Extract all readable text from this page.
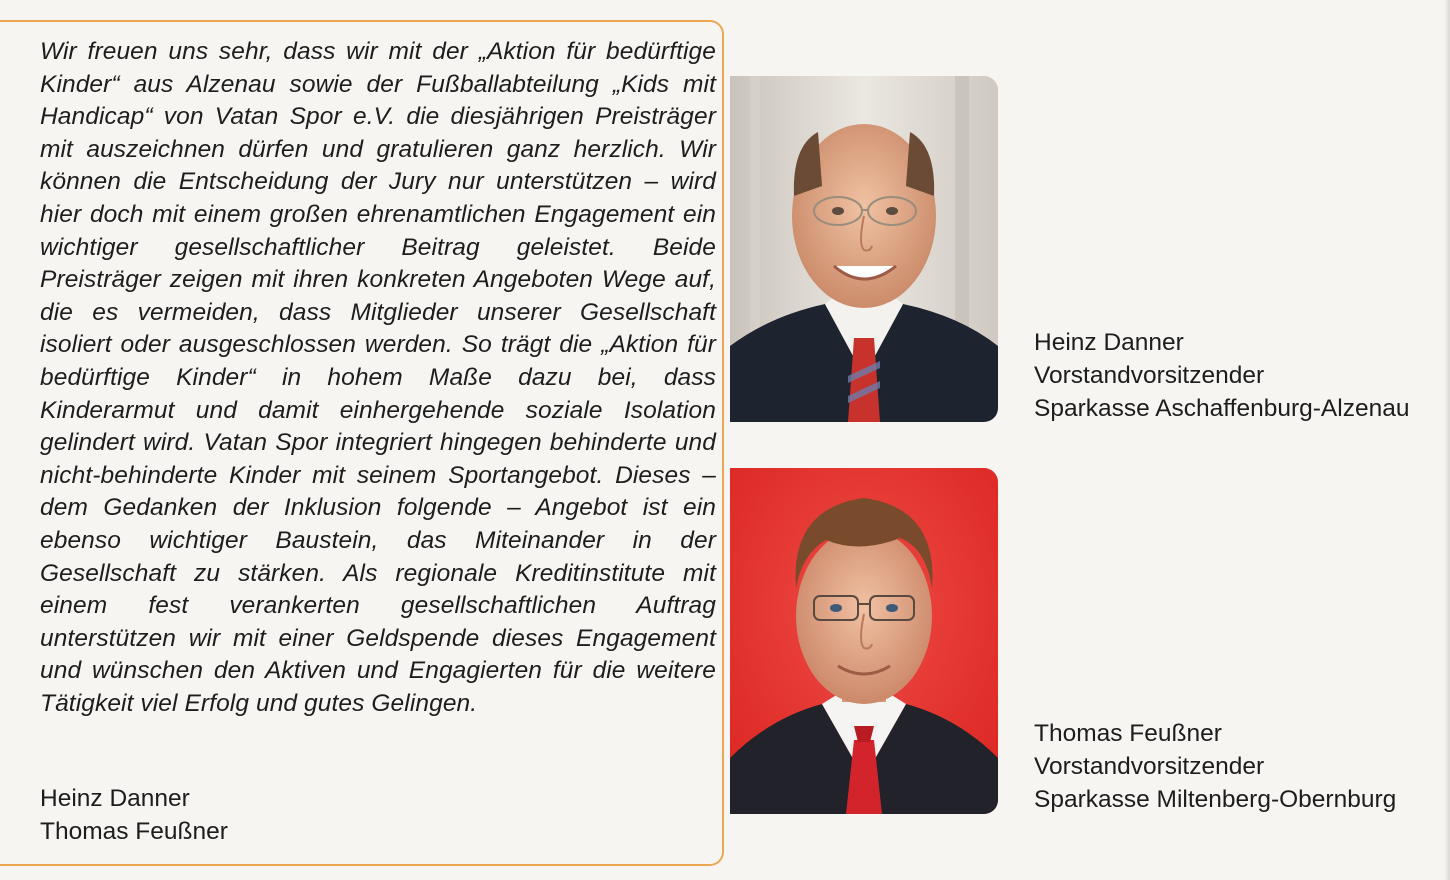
Wir freuen uns sehr, dass wir mit der „Aktion für bedürftige Kinder“ aus Alzenau sowie der Fußballabteilung „Kids mit Handicap“ von Vatan Spor e.V. die diesjährigen Preisträger mit auszeichnen dürfen und gratulieren ganz herzlich. Wir können die Entscheidung der Jury nur unterstützen – wird hier doch mit einem großen ehrenamtlichen Engagement ein wichtiger gesellschaftlicher Beitrag geleistet. Beide Preisträger zeigen mit ihren konkreten Angeboten Wege auf, die es vermeiden, dass Mitglieder unserer Gesellschaft isoliert oder ausgeschlossen werden. So trägt die „Aktion für bedürftige Kinder“ in hohem Maße dazu bei, dass Kinderarmut und damit einhergehende soziale Isolation gelindert wird. Vatan Spor integriert hingegen behinderte und nicht-behinderte Kinder mit seinem Sportangebot. Dieses – dem Gedanken der Inklusion folgende – Angebot ist ein ebenso wichtiger Baustein, das Miteinander in der Gesellschaft zu stärken. Als regionale Kreditinstitute mit einem fest verankerten gesellschaftlichen Auftrag unterstützen wir mit einer Geldspende dieses Engagement und wünschen den Aktiven und Engagierten für die weitere Tätigkeit viel Erfolg und gutes Gelingen.

Heinz Danner
Thomas Feußner
Heinz Danner
Vorstandvorsitzender
Sparkasse Aschaffenburg-Alzenau
Thomas Feußner
Vorstandvorsitzender
Sparkasse Miltenberg-Obernburg
